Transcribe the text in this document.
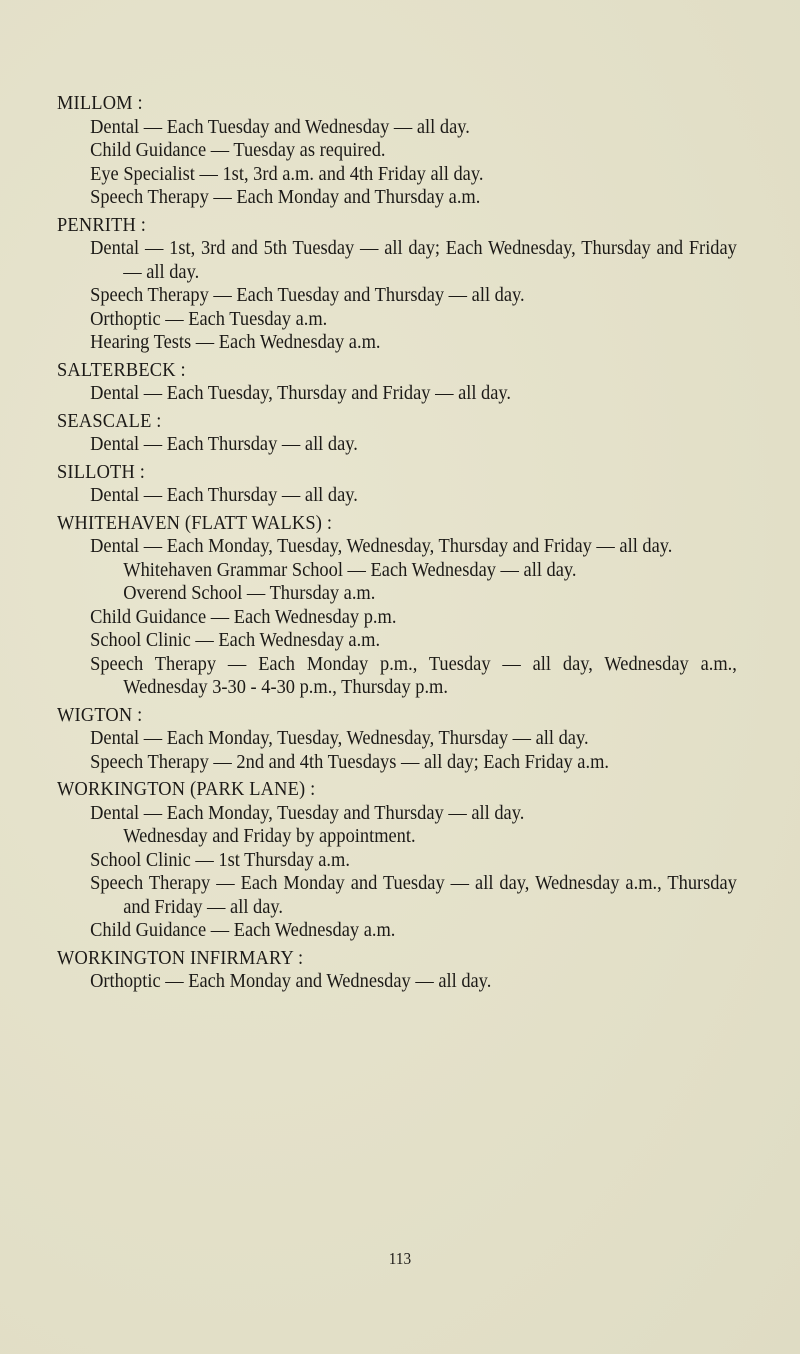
MILLOM :
Dental — Each Tuesday and Wednesday — all day.
Child Guidance — Tuesday as required.
Eye Specialist — 1st, 3rd a.m. and 4th Friday all day.
Speech Therapy — Each Monday and Thursday a.m.
PENRITH :
Dental — 1st, 3rd and 5th Tuesday — all day; Each Wednesday, Thursday and Friday — all day.
Speech Therapy — Each Tuesday and Thursday — all day.
Orthoptic — Each Tuesday a.m.
Hearing Tests — Each Wednesday a.m.
SALTERBECK :
Dental — Each Tuesday, Thursday and Friday — all day.
SEASCALE :
Dental — Each Thursday — all day.
SILLOTH :
Dental — Each Thursday — all day.
WHITEHAVEN (FLATT WALKS) :
Dental — Each Monday, Tuesday, Wednesday, Thursday and Friday — all day.
Whitehaven Grammar School — Each Wednesday — all day.
Overend School — Thursday a.m.
Child Guidance — Each Wednesday p.m.
School Clinic — Each Wednesday a.m.
Speech Therapy — Each Monday p.m., Tuesday — all day, Wednesday a.m., Wednesday 3-30 - 4-30 p.m., Thursday p.m.
WIGTON :
Dental — Each Monday, Tuesday, Wednesday, Thursday — all day.
Speech Therapy — 2nd and 4th Tuesdays — all day; Each Friday a.m.
WORKINGTON (PARK LANE) :
Dental — Each Monday, Tuesday and Thursday — all day.
Wednesday and Friday by appointment.
School Clinic — 1st Thursday a.m.
Speech Therapy — Each Monday and Tuesday — all day, Wednesday a.m., Thursday and Friday — all day.
Child Guidance — Each Wednesday a.m.
WORKINGTON INFIRMARY :
Orthoptic — Each Monday and Wednesday — all day.
113
